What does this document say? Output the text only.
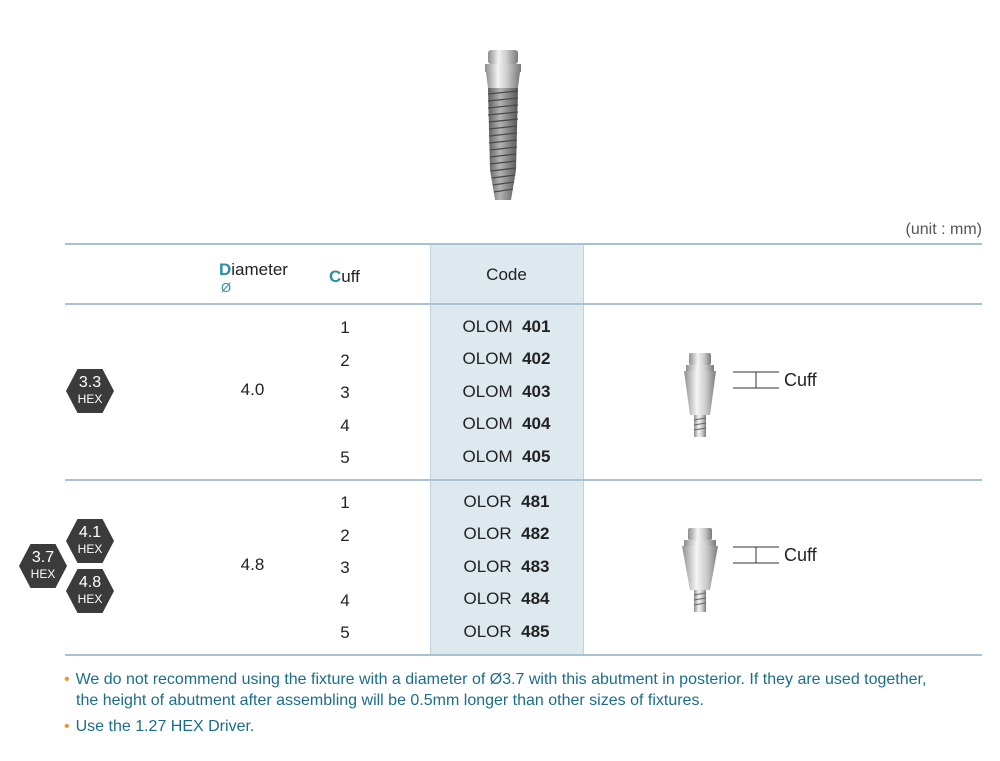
(unit : mm)
Diameter
Ø
Cuff	Code
3.3
HEX	4.0
1
2
3
4
5
OLOM 401
OLOM 402
OLOM 403
OLOM 404
OLOM 405
Cuff
3.7
HEX
4.1
HEX
4.8
HEX
4.8
1
2
3
4
5
OLOR 481
OLOR 482
OLOR 483
OLOR 484
OLOR 485
Cuff
• We do not recommend using the fixture with a diameter of Ø3.7 with this abutment in posterior. If they are used together,
the height of abutment after assembling will be 0.5mm longer than other sizes of fixtures.
• Use the 1.27 HEX Driver.
